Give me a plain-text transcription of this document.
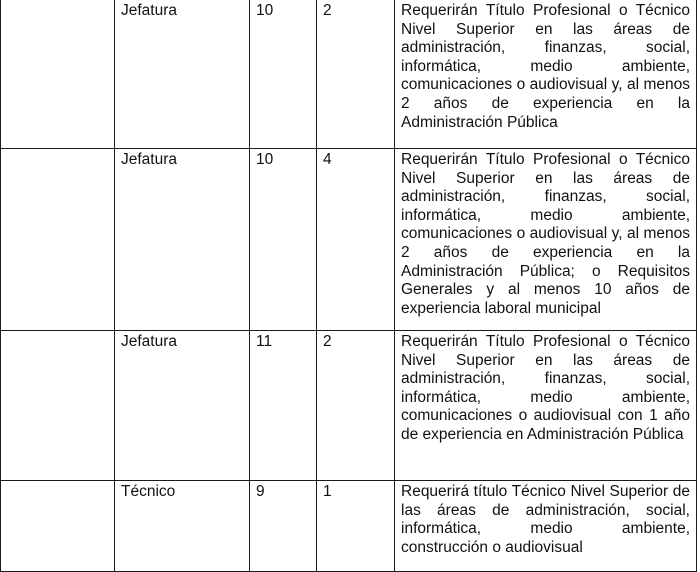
	Jefatura	10	2	Requerirán Título Profesional o Técnico Nivel Superior en las áreas de administración, finanzas, social, informática, medio ambiente, comunicaciones o audiovisual y, al menos 2 años de experiencia en la Administración Pública
	Jefatura	10	4	Requerirán Título Profesional o Técnico Nivel Superior en las áreas de administración, finanzas, social, informática, medio ambiente, comunicaciones o audiovisual y, al menos 2 años de experiencia en la Administración Pública; o Requisitos Generales y al menos 10 años de experiencia laboral municipal
	Jefatura	11	2	Requerirán Título Profesional o Técnico Nivel Superior en las áreas de administración, finanzas, social, informática, medio ambiente, comunicaciones o audiovisual con 1 año de experiencia en Administración Pública
	Técnico	9	1	Requerirá título Técnico Nivel Superior de las áreas de administración, social, informática, medio ambiente, construcción o audiovisual
